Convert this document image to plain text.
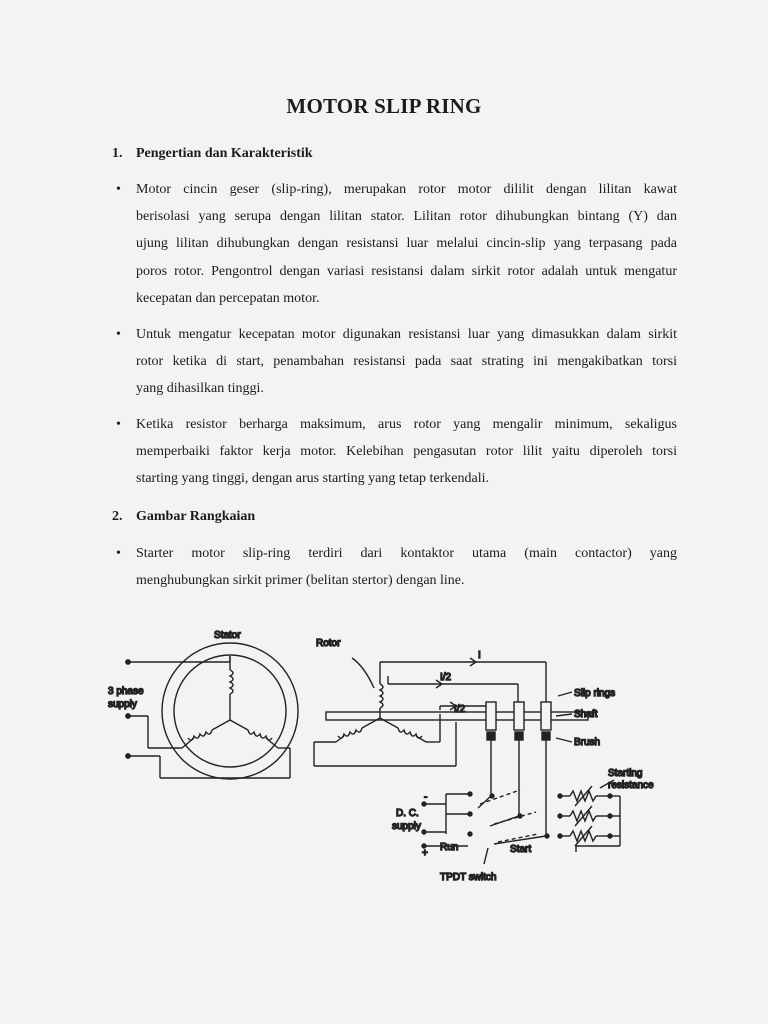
MOTOR SLIP RING
1. Pengertian dan Karakteristik
• Motor cincin geser (slip-ring), merupakan rotor motor dililit dengan lilitan kawat
berisolasi yang serupa dengan lilitan stator. Lilitan rotor dihubungkan bintang (Y) dan
ujung lilitan dihubungkan dengan resistansi luar melalui cincin-slip yang terpasang pada
poros rotor. Pengontrol dengan variasi resistansi dalam sirkit rotor adalah untuk mengatur
kecepatan dan percepatan motor.
• Untuk mengatur kecepatan motor digunakan resistansi luar yang dimasukkan dalam sirkit
rotor ketika di start, penambahan resistansi pada saat strating ini mengakibatkan torsi
yang dihasilkan tinggi.
• Ketika resistor berharga maksimum, arus rotor yang mengalir minimum, sekaligus
memperbaiki faktor kerja motor. Kelebihan pengasutan rotor lilit yaitu diperoleh torsi
starting yang tinggi, dengan arus starting yang tetap terkendali.
2. Gambar Rangkaian
• Starter motor slip-ring terdiri dari kontaktor utama (main contactor) yang
menghubungkan sirkit primer (belitan stertor) dengan line.
Stator
3 phase
supply
Rotor
I
I/2
I/2
Slip rings
Shaft
Brush
Starting
resistance
D. C.
supply
-
+
Run	Start
TPDT switch
